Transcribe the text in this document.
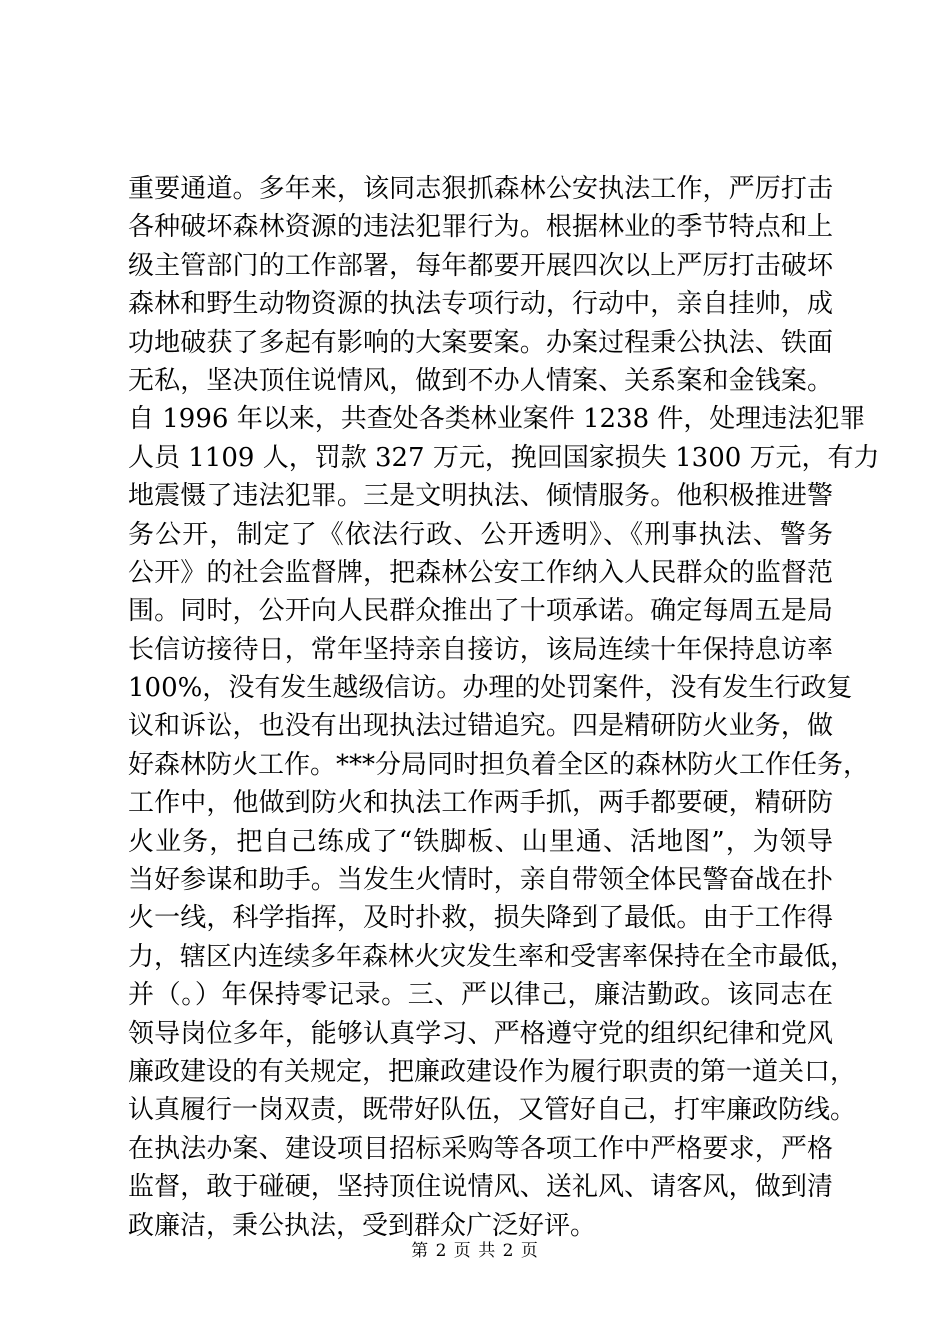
重要通道。多年来，该同志狠抓森林公安执法工作，严厉打击
各种破坏森林资源的违法犯罪行为。根据林业的季节特点和上
级主管部门的工作部署，每年都要开展四次以上严厉打击破坏
森林和野生动物资源的执法专项行动，行动中，亲自挂帅，成
功地破获了多起有影响的大案要案。办案过程秉公执法、铁面
无私，坚决顶住说情风，做到不办人情案、关系案和金钱案。
自 1996 年以来，共查处各类林业案件 1238 件，处理违法犯罪
人员 1109 人，罚款 327 万元，挽回国家损失 1300 万元，有力
地震慑了违法犯罪。三是文明执法、倾情服务。他积极推进警
务公开，制定了《依法行政、公开透明》、《刑事执法、警务
公开》的社会监督牌，把森林公安工作纳入人民群众的监督范
围。同时，公开向人民群众推出了十项承诺。确定每周五是局
长信访接待日，常年坚持亲自接访，该局连续十年保持息访率
100%，没有发生越级信访。办理的处罚案件，没有发生行政复
议和诉讼，也没有出现执法过错追究。四是精研防火业务，做
好森林防火工作。***分局同时担负着全区的森林防火工作任务，
工作中，他做到防火和执法工作两手抓，两手都要硬，精研防
火业务，把自己练成了“铁脚板、山里通、活地图”，为领导
当好参谋和助手。当发生火情时，亲自带领全体民警奋战在扑
火一线，科学指挥，及时扑救，损失降到了最低。由于工作得
力，辖区内连续多年森林火灾发生率和受害率保持在全市最低，
并（。）年保持零记录。三、严以律己，廉洁勤政。该同志在
领导岗位多年，能够认真学习、严格遵守党的组织纪律和党风
廉政建设的有关规定，把廉政建设作为履行职责的第一道关口，
认真履行一岗双责，既带好队伍，又管好自己，打牢廉政防线。
在执法办案、建设项目招标采购等各项工作中严格要求，严格
监督，敢于碰硬，坚持顶住说情风、送礼风、请客风，做到清
政廉洁，秉公执法，受到群众广泛好评。
第 2 页 共 2 页
